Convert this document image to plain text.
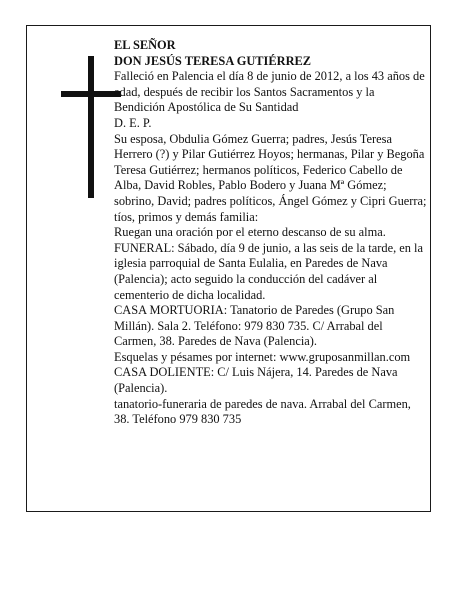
EL SEÑOR

DON JESÚS TERESA GUTIÉRREZ

Falleció en Palencia el día 8 de junio de 2012, a los 43 años de edad, después de recibir los Santos Sacramentos y la Bendición Apostólica de Su Santidad

D. E. P.

Su esposa, Obdulia Gómez Guerra; padres, Jesús Teresa Herrero (?) y Pilar Gutiérrez Hoyos; hermanas, Pilar y Begoña Teresa Gutiérrez; hermanos políticos, Federico Cabello de Alba, David Robles, Pablo Bodero y Juana Mª Gómez; sobrino, David; padres políticos, Ángel Gómez y Cipri Guerra; tíos, primos y demás familia:

Ruegan una oración por el eterno descanso de su alma.

FUNERAL: Sábado, día 9 de junio, a las seis de la tarde, en la iglesia parroquial de Santa Eulalia, en Paredes de Nava (Palencia); acto seguido la conducción del cadáver al cementerio de dicha localidad.

CASA MORTUORIA: Tanatorio de Paredes (Grupo San Millán). Sala 2. Teléfono: 979 830 735. C/ Arrabal del Carmen, 38. Paredes de Nava (Palencia).

Esquelas y pésames por internet: www.gruposanmillan.com

CASA DOLIENTE: C/ Luis Nájera, 14. Paredes de Nava (Palencia).

tanatorio-funeraria de paredes de nava. Arrabal del Carmen, 38. Teléfono 979 830 735
